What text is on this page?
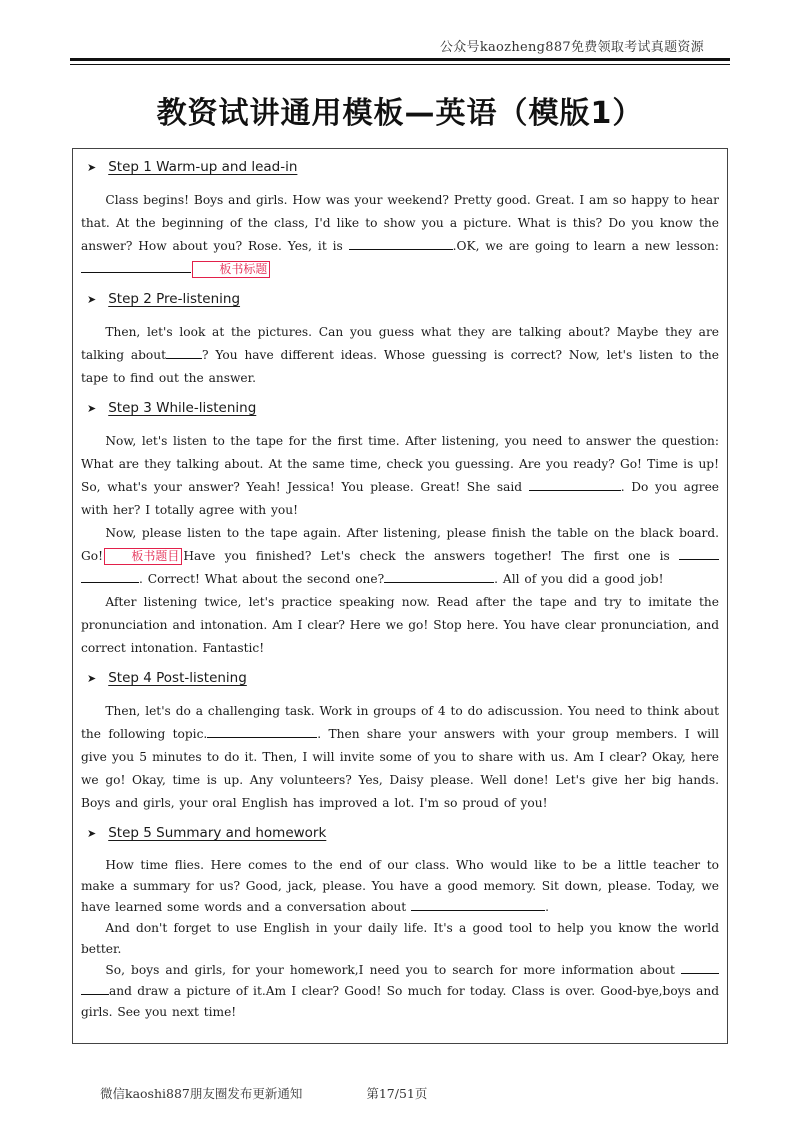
公众号kaozheng887免费领取考试真题资源
教资试讲通用模板—英语（模版1）
➤ Step 1 Warm-up and lead-in

Class begins! Boys and girls. How was your weekend? Pretty good. Great. I am so happy to hear that. At the beginning of the class, I'd like to show you a picture. What is this? Do you know the answer? How about you? Rose. Yes, it is	.OK, we are going to learn a new lesson:板书标题

➤ Step 2 Pre-listening

Then, let's look at the pictures. Can you guess what they are talking about? Maybe they are talking about	? You have different ideas. Whose guessing is correct? Now, let's listen to the tape to find out the answer.

➤ Step 3 While-listening

Now, let's listen to the tape for the first time. After listening, you need to answer the question: What are they talking about. At the same time, check you guessing. Are you ready? Go! Time is up! So, what's your answer? Yeah! Jessica! You please. Great! She said	. Do you agree with her? I totally agree with you!

Now, please listen to the tape again. After listening, please finish the table on the black board. Go! 板书题目 Have you finished? Let's check the answers together! The first one is  . Correct! What about the second one?	. All of you did a good job!

After listening twice, let's practice speaking now. Read after the tape and try to imitate the pronunciation and intonation. Am I clear? Here we go! Stop here. You have clear pronunciation, and correct intonation. Fantastic!

➤ Step 4 Post-listening

Then, let's do a challenging task. Work in groups of 4 to do adiscussion. You need to think about the following topic.	. Then share your answers with your group members. I will give you 5 minutes to do it. Then, I will invite some of you to share with us. Am I clear? Okay, here we go! Okay, time is up. Any volunteers? Yes, Daisy please. Well done! Let's give her big hands. Boys and girls, your oral English has improved a lot. I'm so proud of you!

➤ Step 5 Summary and homework

How time flies. Here comes to the end of our class. Who would like to be a little teacher to make a summary for us? Good, jack, please. You have a good memory. Sit down, please. Today, we have learned some words and a conversation about	.

And don't forget to use English in your daily life. It's a good tool to help you know the world better.

So, boys and girls, for your homework,I need you to search for more information about  and draw a picture of it.Am I clear? Good! So much for today. Class is over. Good-bye,boys and girls. See you next time!

微信kaoshi887朋友圈发布更新通知	第17/51页
